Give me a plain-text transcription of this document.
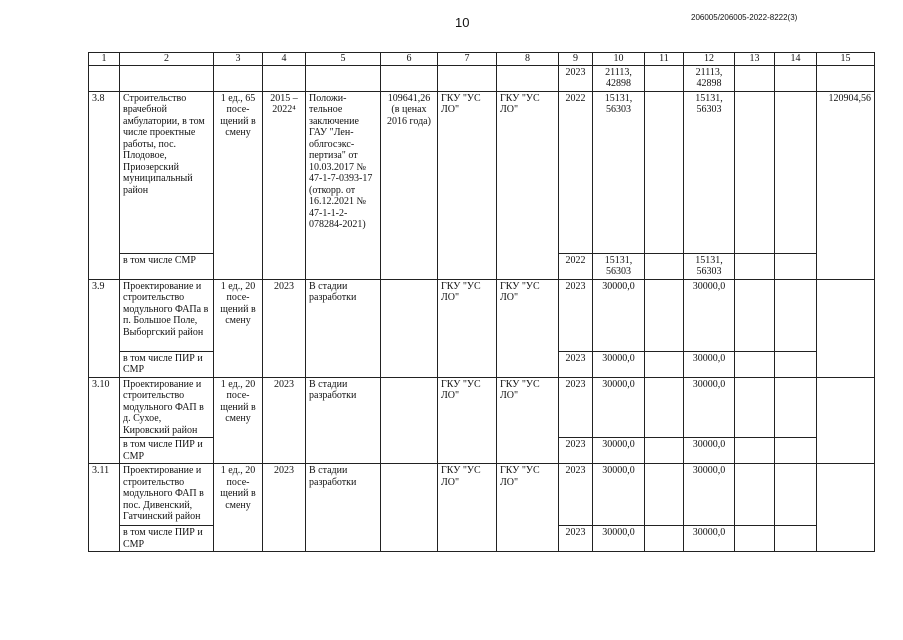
10	206005/206005-2022-8222(3)
1	2	3	4	5	6	7	8	9	10	11	12	13	14	15
								2023	21113, 42898		21113, 42898			
3.8	Строительство врачебной амбулатории, в том числе проектные работы, пос. Плодовое, Приозерский муниципальный район	1 ед., 65 посе-щений в смену	2015 – 2022⁴	Положи-тельное заключение ГАУ "Лен-облгосэкс-пертиза" от 10.03.2017 № 47-1-7-0393-17 (откорр. от 16.12.2021 № 47-1-1-2-078284-2021)	109641,26 (в ценах 2016 года)	ГКУ "УС ЛО"	ГКУ "УС ЛО"	2022	15131, 56303		15131, 56303			120904,56
	в том числе СМР							2022	15131, 56303		15131, 56303			
3.9	Проектирование и строительство модульного ФАПа в п. Большое Поле, Выборгский район	1 ед., 20 посе-щений в смену	2023	В стадии разработки		ГКУ "УС ЛО"	ГКУ "УС ЛО"	2023	30000,0		30000,0			
	в том числе ПИР и СМР							2023	30000,0		30000,0			
3.10	Проектирование и строительство модульного ФАП в д. Сухое, Кировский район	1 ед., 20 посе-щений в смену	2023	В стадии разработки		ГКУ "УС ЛО"	ГКУ "УС ЛО"	2023	30000,0		30000,0			
	в том числе ПИР и СМР							2023	30000,0		30000,0			
3.11	Проектирование и строительство модульного ФАП в пос. Дивенский, Гатчинский район	1 ед., 20 посе-щений в смену	2023	В стадии разработки		ГКУ "УС ЛО"	ГКУ "УС ЛО"	2023	30000,0		30000,0			
	в том числе ПИР и СМР							2023	30000,0		30000,0			
